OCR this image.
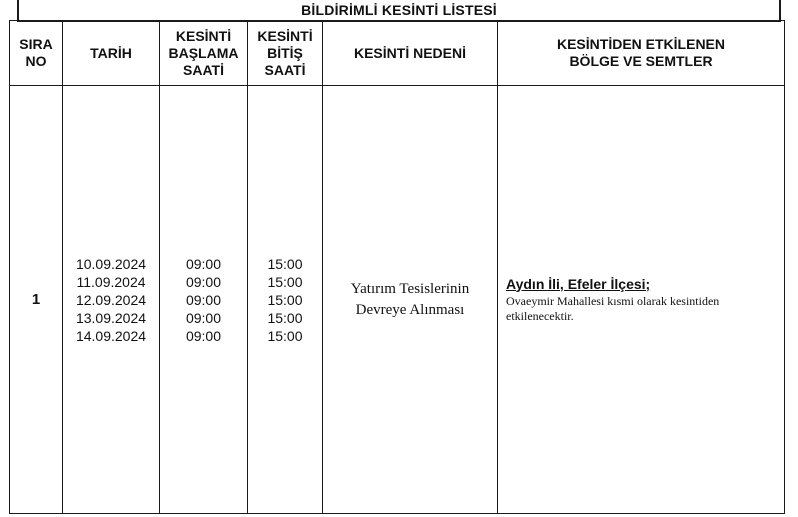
BİLDİRİMLİ KESİNTİ LİSTESİ
SIRA
NO	TARİH	KESİNTİ
BAŞLAMA
SAATİ	KESİNTİ
BİTİŞ
SAATİ	KESİNTİ NEDENİ	KESİNTİDEN ETKİLENEN
BÖLGE VE SEMTLER

1	10.09.2024
11.09.2024
12.09.2024
13.09.2024
14.09.2024	09:00
09:00
09:00
09:00
09:00	15:00
15:00
15:00
15:00
15:00	Yatırım Tesislerinin
Devreye Alınması	Aydın İli, Efeler İlçesi;
Ovaeymir Mahallesi kısmi olarak kesintiden etkilenecektir.
